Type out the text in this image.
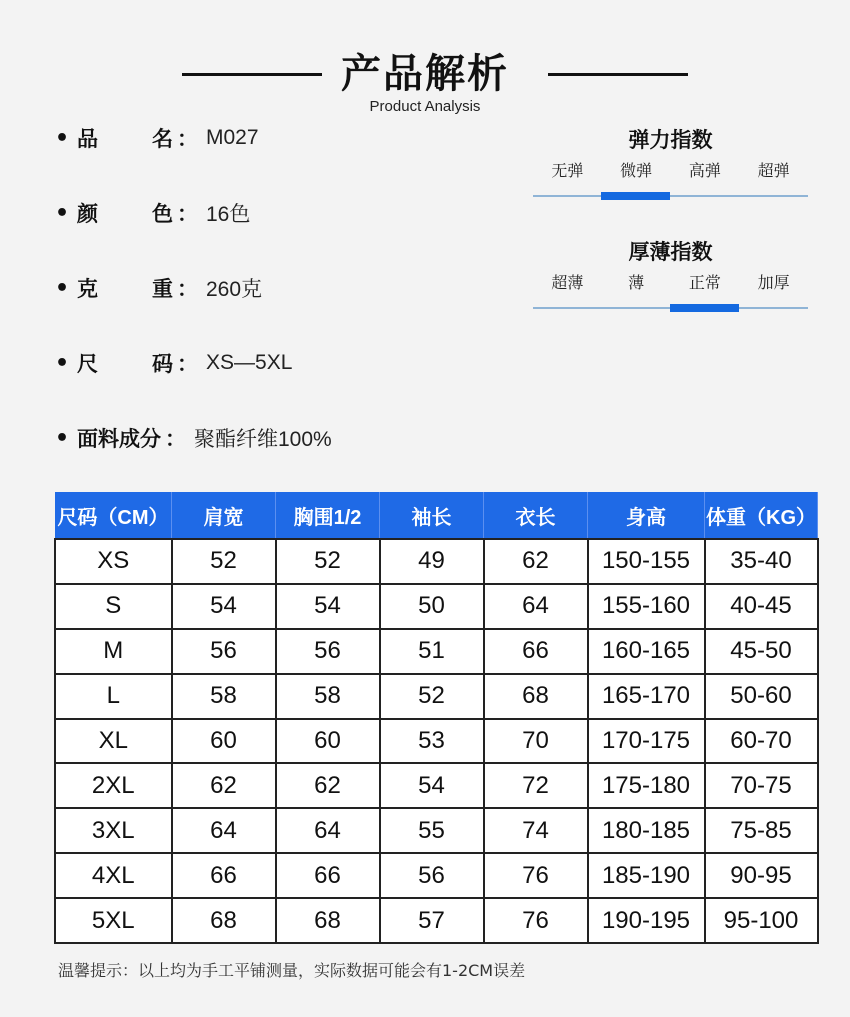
产品解析
Product Analysis
• 品	名 ： M027
• 颜	色 ： 16色
• 克	重 ： 260克
• 尺	码 ： XS—5XL
• 面料成分 ： 聚酯纤维100%
弹力指数
无弹	微弹	高弹	超弹
厚薄指数
超薄	薄	正常	加厚
尺码（CM）	肩宽	胸围1/2	袖长	衣长	身高	体重（KG）
XS	52	52	49	62	150-155	35-40
S	54	54	50	64	155-160	40-45
M	56	56	51	66	160-165	45-50
L	58	58	52	68	165-170	50-60
XL	60	60	53	70	170-175	60-70
2XL	62	62	54	72	175-180	70-75
3XL	64	64	55	74	180-185	75-85
4XL	66	66	56	76	185-190	90-95
5XL	68	68	57	76	190-195	95-100
温馨提示：以上均为手工平铺测量，实际数据可能会有1-2CM误差
